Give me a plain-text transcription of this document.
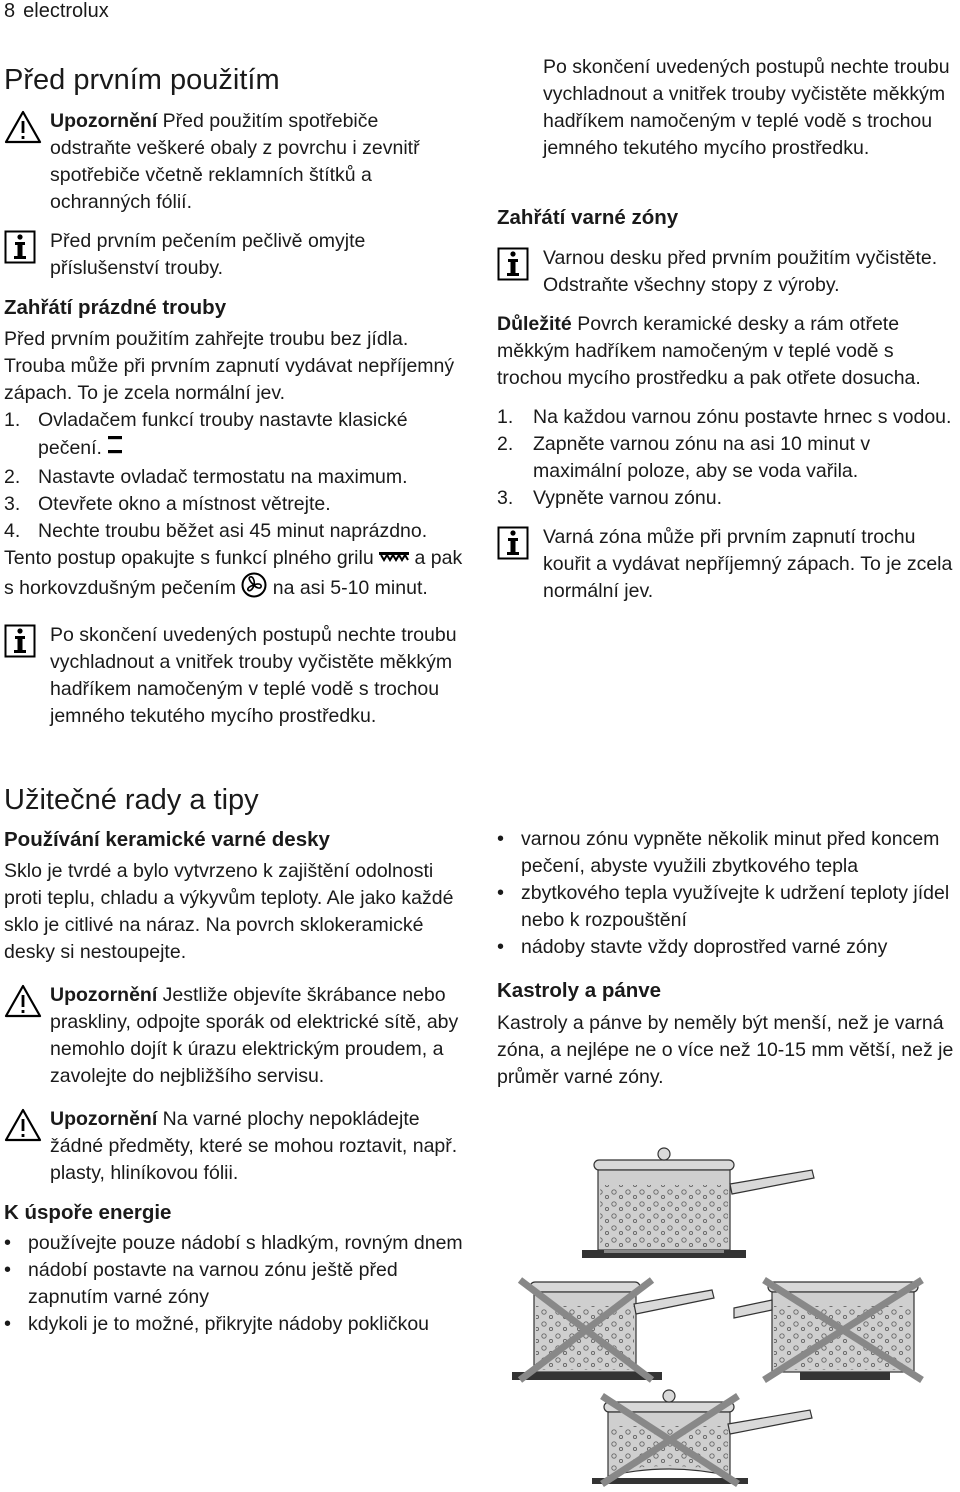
8 electrolux
Před prvním použitím

Upozornění Před použitím spotřebiče odstraňte veškeré obaly z povrchu i zevnitř spotřebiče včetně reklamních štítků a ochranných fólií.

Před prvním pečením pečlivě omyjte příslušenství trouby.

Zahřátí prázdné trouby

Před prvním použitím zahřejte troubu bez jídla. Trouba může při prvním zapnutí vydávat nepříjemný zápach. To je zcela normální jev.

1. Ovladačem funkcí trouby nastavte klasické pečení.
2. Nastavte ovladač termostatu na maximum.
3. Otevřete okno a místnost větrejte.
4. Nechte troubu běžet asi 45 minut naprázdno.

Tento postup opakujte s funkcí plného grilu a pak s horkovzdušným pečením na asi 5-10 minut.

Po skončení uvedených postupů nechte troubu vychladnout a vnitřek trouby vyčistěte měkkým hadříkem namočeným v teplé vodě s trochou jemného tekutého mycího prostředku.

Po skončení uvedených postupů nechte troubu vychladnout a vnitřek trouby vyčistěte měkkým hadříkem namočeným v teplé vodě s trochou jemného tekutého mycího prostředku.

Zahřátí varné zóny

Varnou desku před prvním použitím vyčistěte. Odstraňte všechny stopy z výroby.

Důležité Povrch keramické desky a rám otřete měkkým hadříkem namočeným v teplé vodě s trochou mycího prostředku a pak otřete dosucha.

1.	Na každou varnou zónu postavte hrnec s vodou.
2.	Zapněte varnou zónu na asi 10 minut v maximální poloze, aby se voda vařila.
3.	Vypněte varnou zónu.

Varná zóna může při prvním zapnutí trochu kouřit a vydávat nepříjemný zápach. To je zcela normální jev.

Užitečné rady a tipy

Používání keramické varné desky

Sklo je tvrdé a bylo vytvrzeno k zajištění odolnosti proti teplu, chladu a výkyvům teploty. Ale jako každé sklo je citlivé na náraz. Na povrch sklokeramické desky si nestoupejte.

Upozornění Jestliže objevíte škrábance nebo praskliny, odpojte sporák od elektrické sítě, aby nemohlo dojít k úrazu elektrickým proudem, a zavolejte do nejbližšího servisu.

Upozornění Na varné plochy nepokládejte žádné předměty, které se mohou roztavit, např. plasty, hliníkovou fólii.

K úspoře energie

• používejte pouze nádobí s hladkým, rovným dnem
• nádobí postavte na varnou zónu ještě před zapnutím varné zóny
• kdykoli je to možné, přikryjte nádoby pokličkou
• varnou zónu vypněte několik minut před koncem pečení, abyste využili zbytkového tepla
• zbytkového tepla využívejte k udržení teploty jídel nebo k rozpouštění
• nádoby stavte vždy doprostřed varné zóny

Kastroly a pánve

Kastroly a pánve by neměly být menší, než je varná zóna, a nejlépe ne o více než 10-15 mm větší, než je průměr varné zóny.
